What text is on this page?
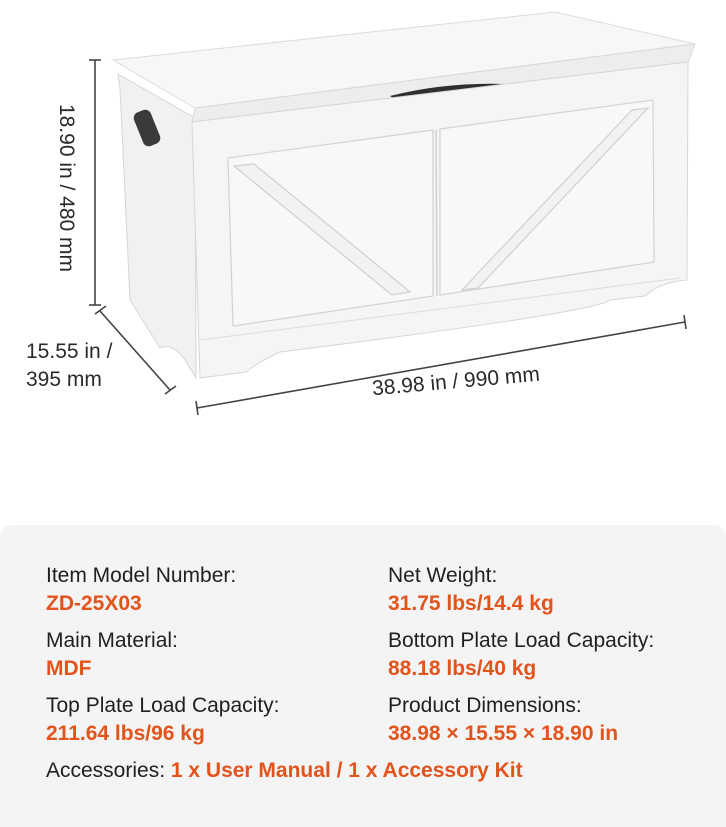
18.90 in / 480 mm
15.55 in /
395 mm	38.98 in / 990 mm
Item Model Number:
ZD-25X03
Net Weight:
31.75 lbs/14.4 kg
Main Material:
MDF
Bottom Plate Load Capacity:
88.18 lbs/40 kg
Top Plate Load Capacity:
211.64 lbs/96 kg
Product Dimensions:
38.98 × 15.55 × 18.90 in
Accessories: 1 x User Manual / 1 x Accessory Kit
